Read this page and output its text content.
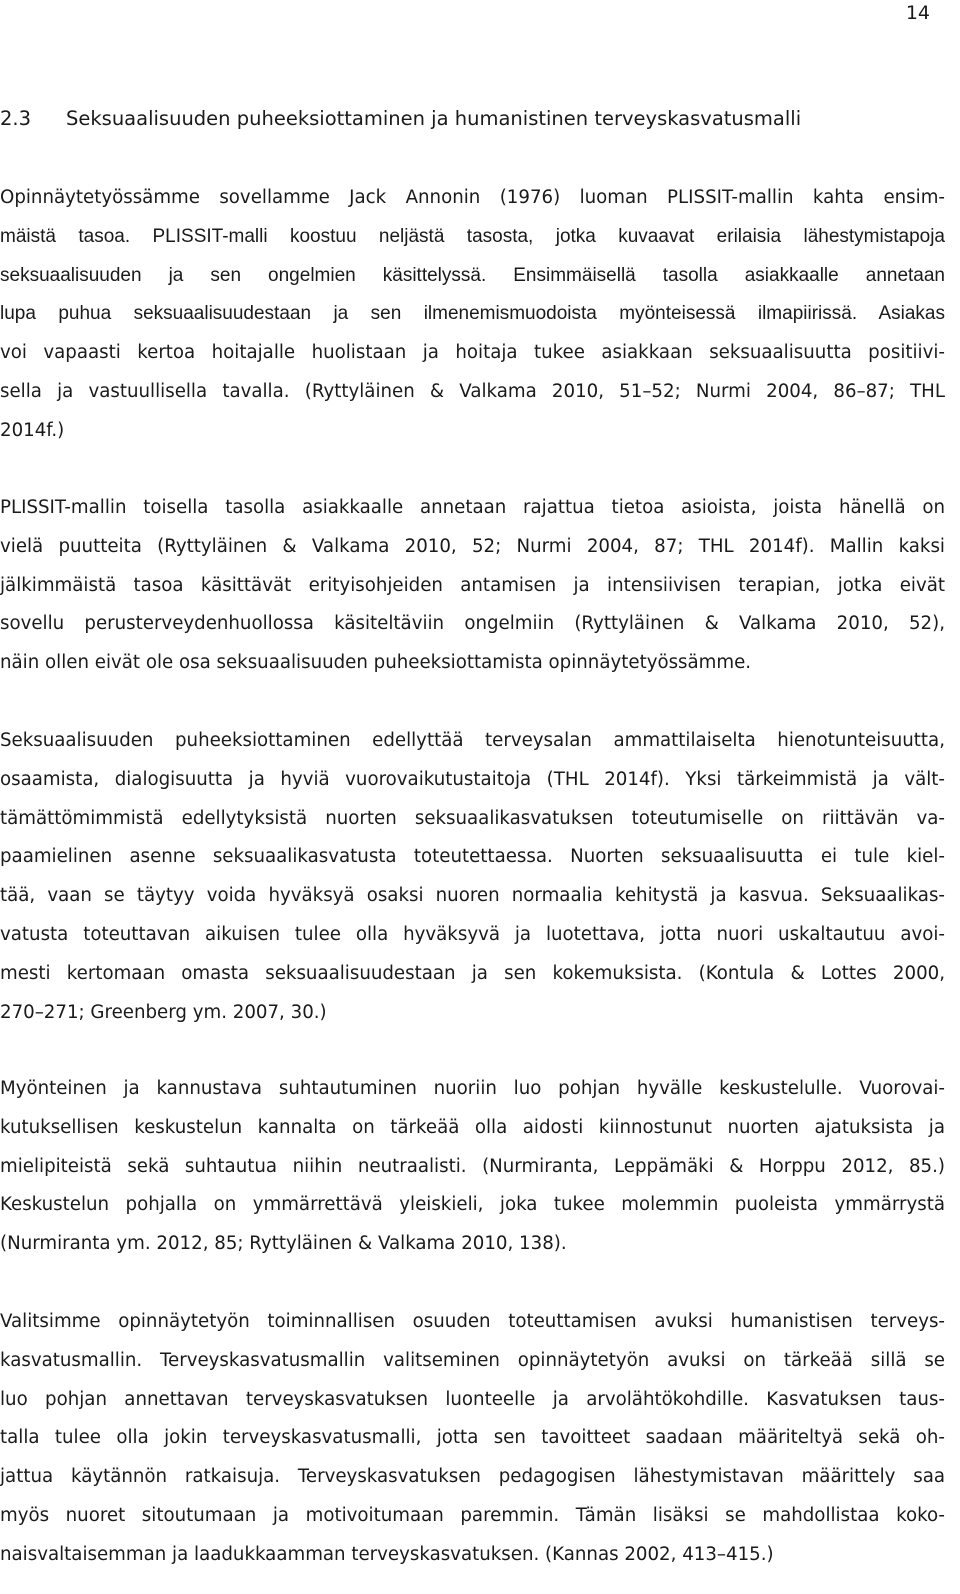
14
2.3 Seksuaalisuuden puheeksiottaminen ja humanistinen terveyskasvatusmalli
Opinnäytetyössämme sovellamme Jack Annonin (1976) luoman PLISSIT-mallin kahta ensim-
mäistä tasoa. PLISSIT-malli koostuu neljästä tasosta, jotka kuvaavat erilaisia lähestymistapoja
seksuaalisuuden ja sen ongelmien käsittelyssä. Ensimmäisellä tasolla asiakkaalle annetaan
lupa puhua seksuaalisuudestaan ja sen ilmenemismuodoista myönteisessä ilmapiirissä. Asiakas
voi vapaasti kertoa hoitajalle huolistaan ja hoitaja tukee asiakkaan seksuaalisuutta positiivi-
sella ja vastuullisella tavalla. (Ryttyläinen & Valkama 2010, 51–52; Nurmi 2004, 86–87; THL
2014f.)
PLISSIT-mallin toisella tasolla asiakkaalle annetaan rajattua tietoa asioista, joista hänellä on
vielä puutteita (Ryttyläinen & Valkama 2010, 52; Nurmi 2004, 87; THL 2014f). Mallin kaksi
jälkimmäistä tasoa käsittävät erityisohjeiden antamisen ja intensiivisen terapian, jotka eivät
sovellu perusterveydenhuollossa käsiteltäviin ongelmiin (Ryttyläinen & Valkama 2010, 52),
näin ollen eivät ole osa seksuaalisuuden puheeksiottamista opinnäytetyössämme.
Seksuaalisuuden puheeksiottaminen edellyttää terveysalan ammattilaiselta hienotunteisuutta,
osaamista, dialogisuutta ja hyviä vuorovaikutustaitoja (THL 2014f). Yksi tärkeimmistä ja vält-
tämättömimmistä edellytyksistä nuorten seksuaalikasvatuksen toteutumiselle on riittävän va-
paamielinen asenne seksuaalikasvatusta toteutettaessa. Nuorten seksuaalisuutta ei tule kiel-
tää, vaan se täytyy voida hyväksyä osaksi nuoren normaalia kehitystä ja kasvua. Seksuaalikas-
vatusta toteuttavan aikuisen tulee olla hyväksyvä ja luotettava, jotta nuori uskaltautuu avoi-
mesti kertomaan omasta seksuaalisuudestaan ja sen kokemuksista. (Kontula & Lottes 2000,
270–271; Greenberg ym. 2007, 30.)
Myönteinen ja kannustava suhtautuminen nuoriin luo pohjan hyvälle keskustelulle. Vuorovai-
kutuksellisen keskustelun kannalta on tärkeää olla aidosti kiinnostunut nuorten ajatuksista ja
mielipiteistä sekä suhtautua niihin neutraalisti. (Nurmiranta, Leppämäki & Horppu 2012, 85.)
Keskustelun pohjalla on ymmärrettävä yleiskieli, joka tukee molemmin puoleista ymmärrystä
(Nurmiranta ym. 2012, 85; Ryttyläinen & Valkama 2010, 138).
Valitsimme opinnäytetyön toiminnallisen osuuden toteuttamisen avuksi humanistisen terveys-
kasvatusmallin. Terveyskasvatusmallin valitseminen opinnäytetyön avuksi on tärkeää sillä se
luo pohjan annettavan terveyskasvatuksen luonteelle ja arvolähtökohdille. Kasvatuksen taus-
talla tulee olla jokin terveyskasvatusmalli, jotta sen tavoitteet saadaan määriteltyä sekä oh-
jattua käytännön ratkaisuja. Terveyskasvatuksen pedagogisen lähestymistavan määrittely saa
myös nuoret sitoutumaan ja motivoitumaan paremmin. Tämän lisäksi se mahdollistaa koko-
naisvaltaisemman ja laadukkaamman terveyskasvatuksen. (Kannas 2002, 413–415.)
